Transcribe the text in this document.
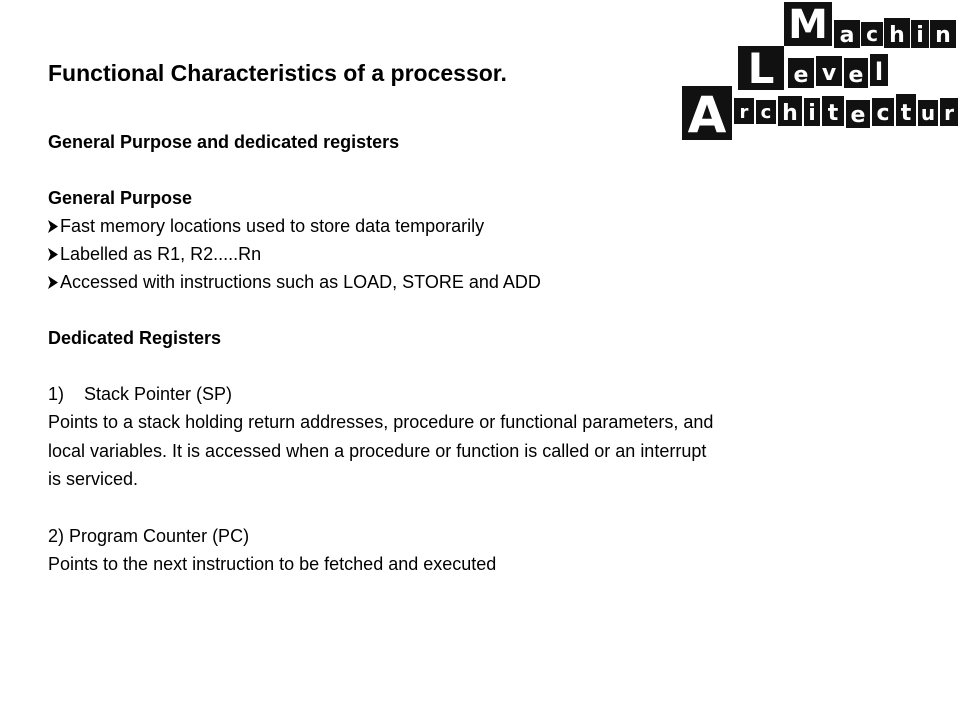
Functional Characteristics of a processor.
M a c h i n
L e v e l
A r c h i t e c t u r
General Purpose and dedicated registers
General Purpose
Fast memory locations used to store data temporarily
Labelled as R1, R2.....Rn
Accessed with instructions such as LOAD, STORE and ADD
Dedicated Registers
1)	Stack Pointer (SP)
Points to a stack holding return addresses, procedure or functional parameters, and
local variables. It is accessed when a procedure or function is called or an interrupt
is serviced.
2) Program Counter (PC)
Points to the next instruction to be fetched and executed
